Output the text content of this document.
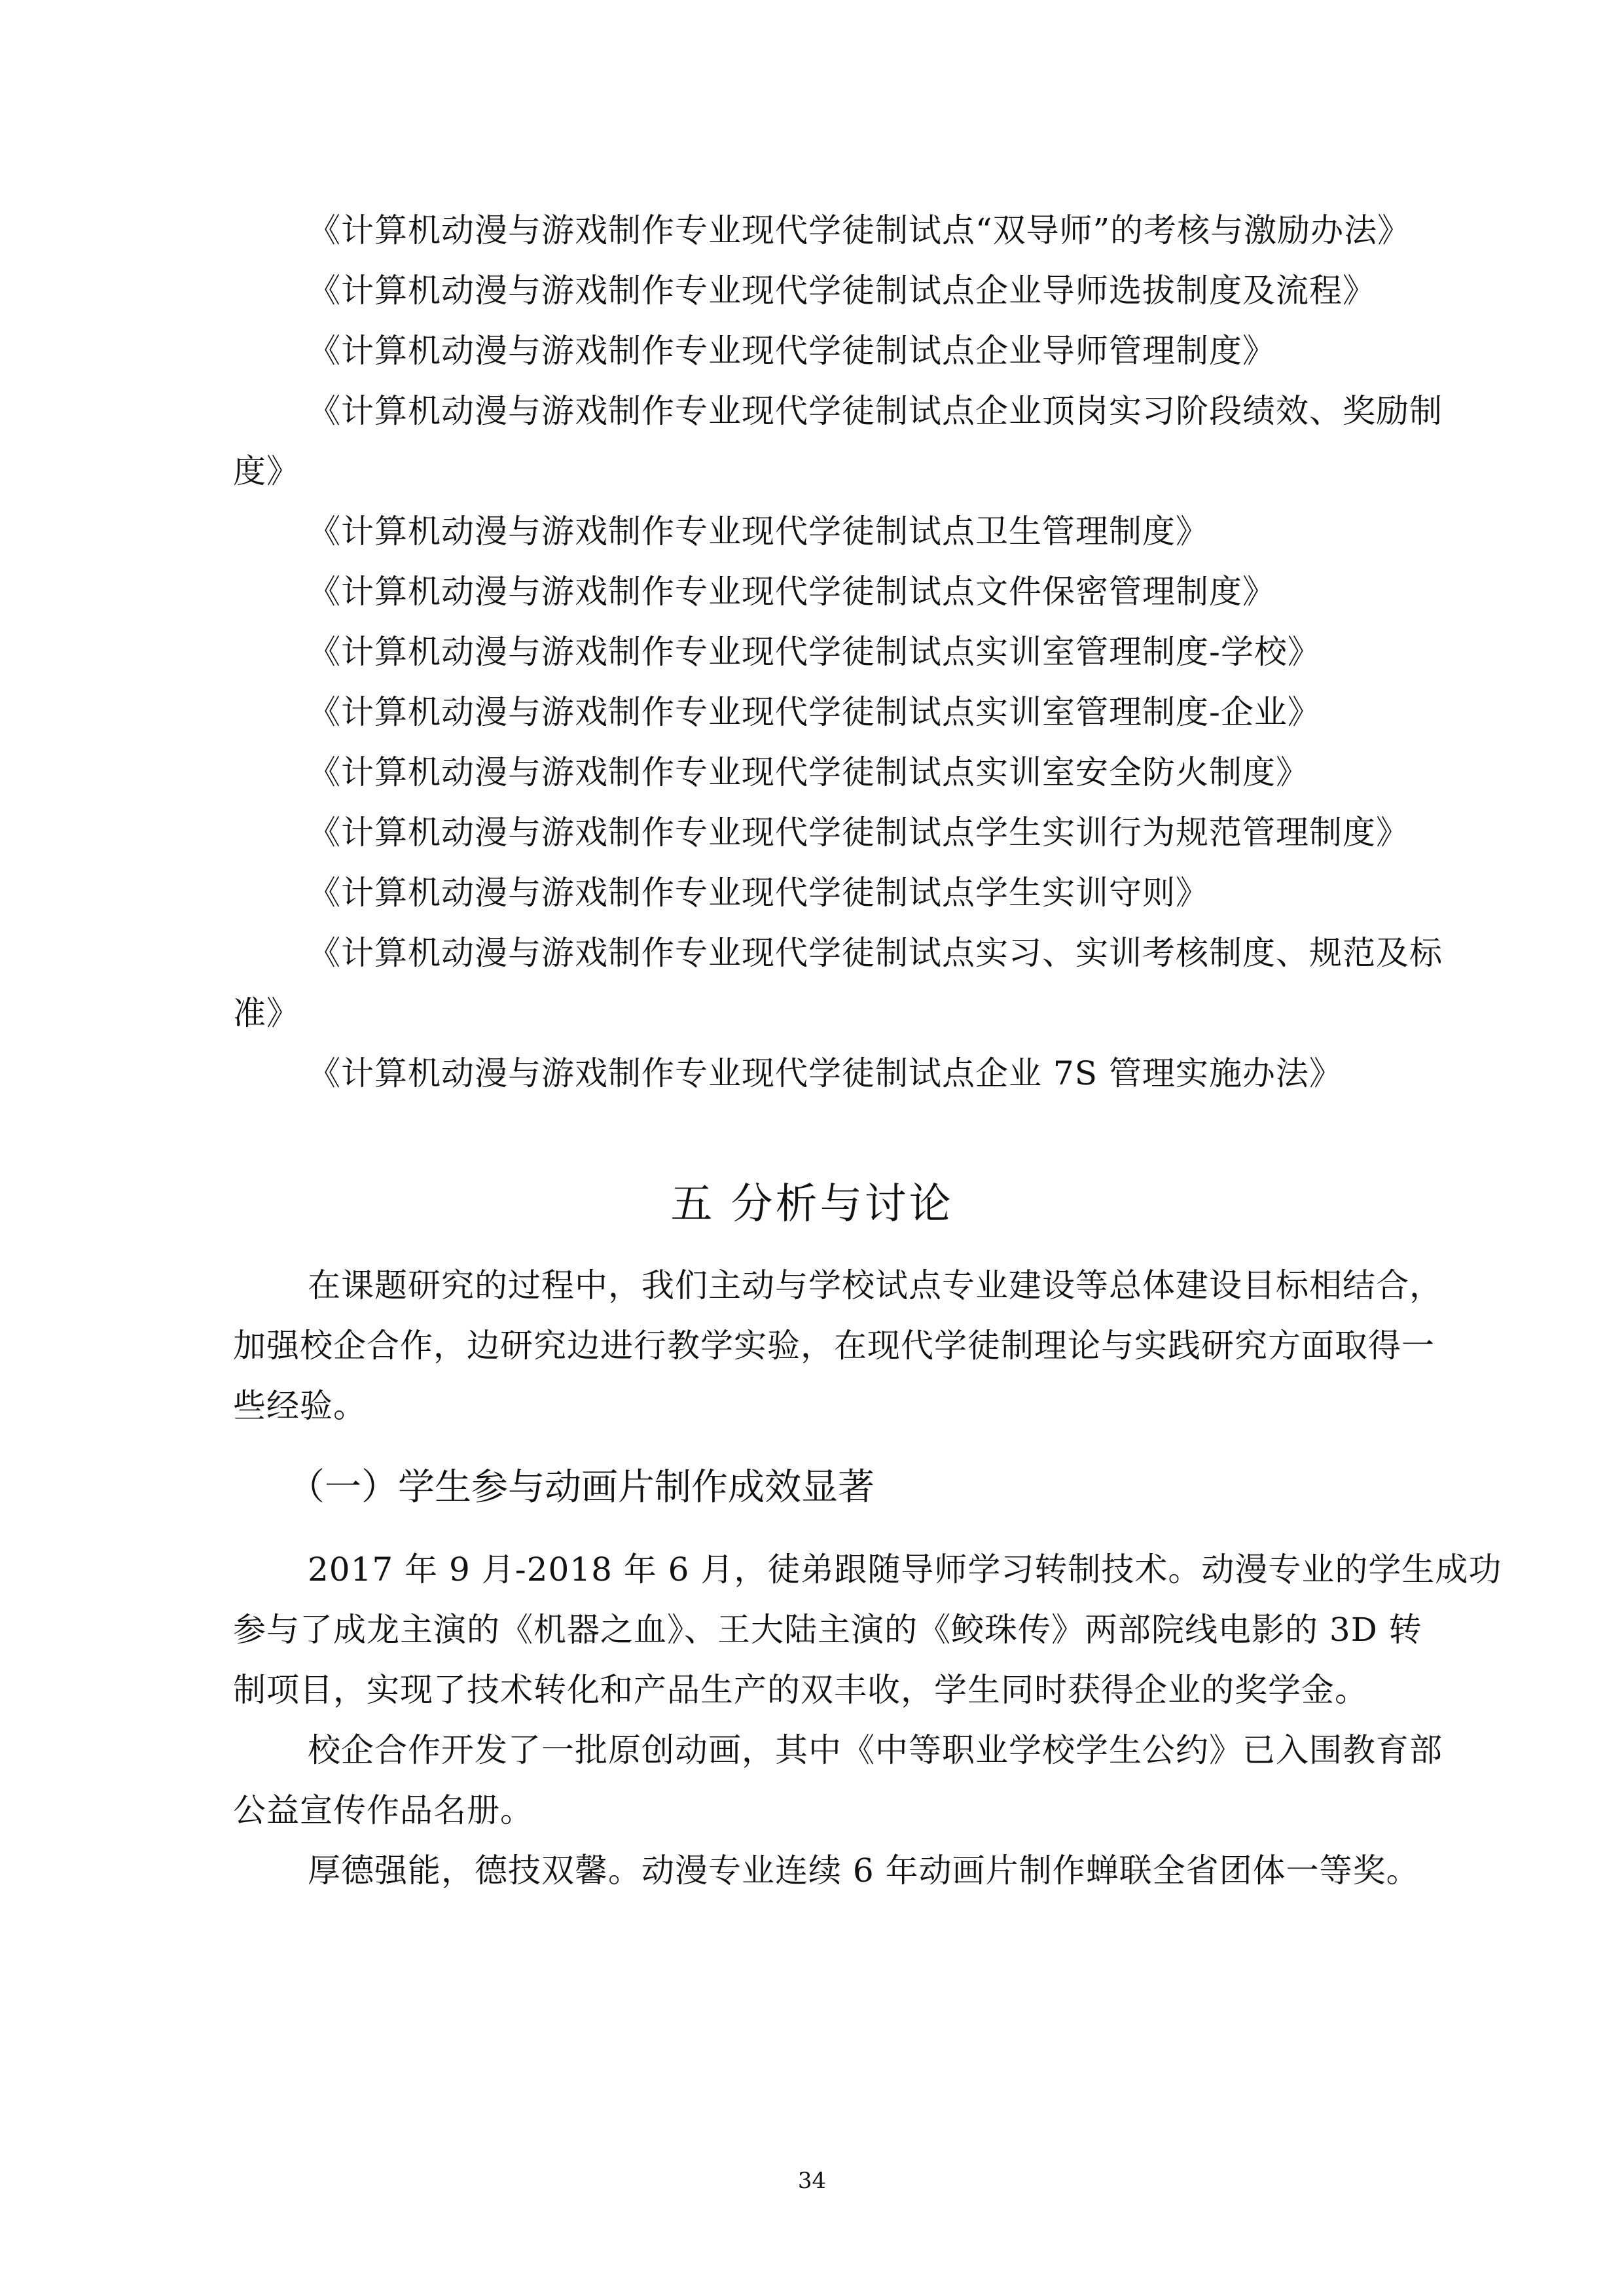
《计算机动漫与游戏制作专业现代学徒制试点“双导师”的考核与激励办法》
《计算机动漫与游戏制作专业现代学徒制试点企业导师选拔制度及流程》
《计算机动漫与游戏制作专业现代学徒制试点企业导师管理制度》
《计算机动漫与游戏制作专业现代学徒制试点企业顶岗实习阶段绩效、奖励制
度》
《计算机动漫与游戏制作专业现代学徒制试点卫生管理制度》
《计算机动漫与游戏制作专业现代学徒制试点文件保密管理制度》
《计算机动漫与游戏制作专业现代学徒制试点实训室管理制度-学校》
《计算机动漫与游戏制作专业现代学徒制试点实训室管理制度-企业》
《计算机动漫与游戏制作专业现代学徒制试点实训室安全防火制度》
《计算机动漫与游戏制作专业现代学徒制试点学生实训行为规范管理制度》
《计算机动漫与游戏制作专业现代学徒制试点学生实训守则》
《计算机动漫与游戏制作专业现代学徒制试点实习、实训考核制度、规范及标
准》
《计算机动漫与游戏制作专业现代学徒制试点企业 7S 管理实施办法》
五 分析与讨论
在课题研究的过程中，我们主动与学校试点专业建设等总体建设目标相结合，
加强校企合作，边研究边进行教学实验，在现代学徒制理论与实践研究方面取得一
些经验。
（一）学生参与动画片制作成效显著
2017 年 9 月-2018 年 6 月，徒弟跟随导师学习转制技术。动漫专业的学生成功
参与了成龙主演的《机器之血》、王大陆主演的《鲛珠传》两部院线电影的 3D 转
制项目，实现了技术转化和产品生产的双丰收，学生同时获得企业的奖学金。
校企合作开发了一批原创动画，其中《中等职业学校学生公约》已入围教育部
公益宣传作品名册。
厚德强能，德技双馨。动漫专业连续 6 年动画片制作蝉联全省团体一等奖。
34
